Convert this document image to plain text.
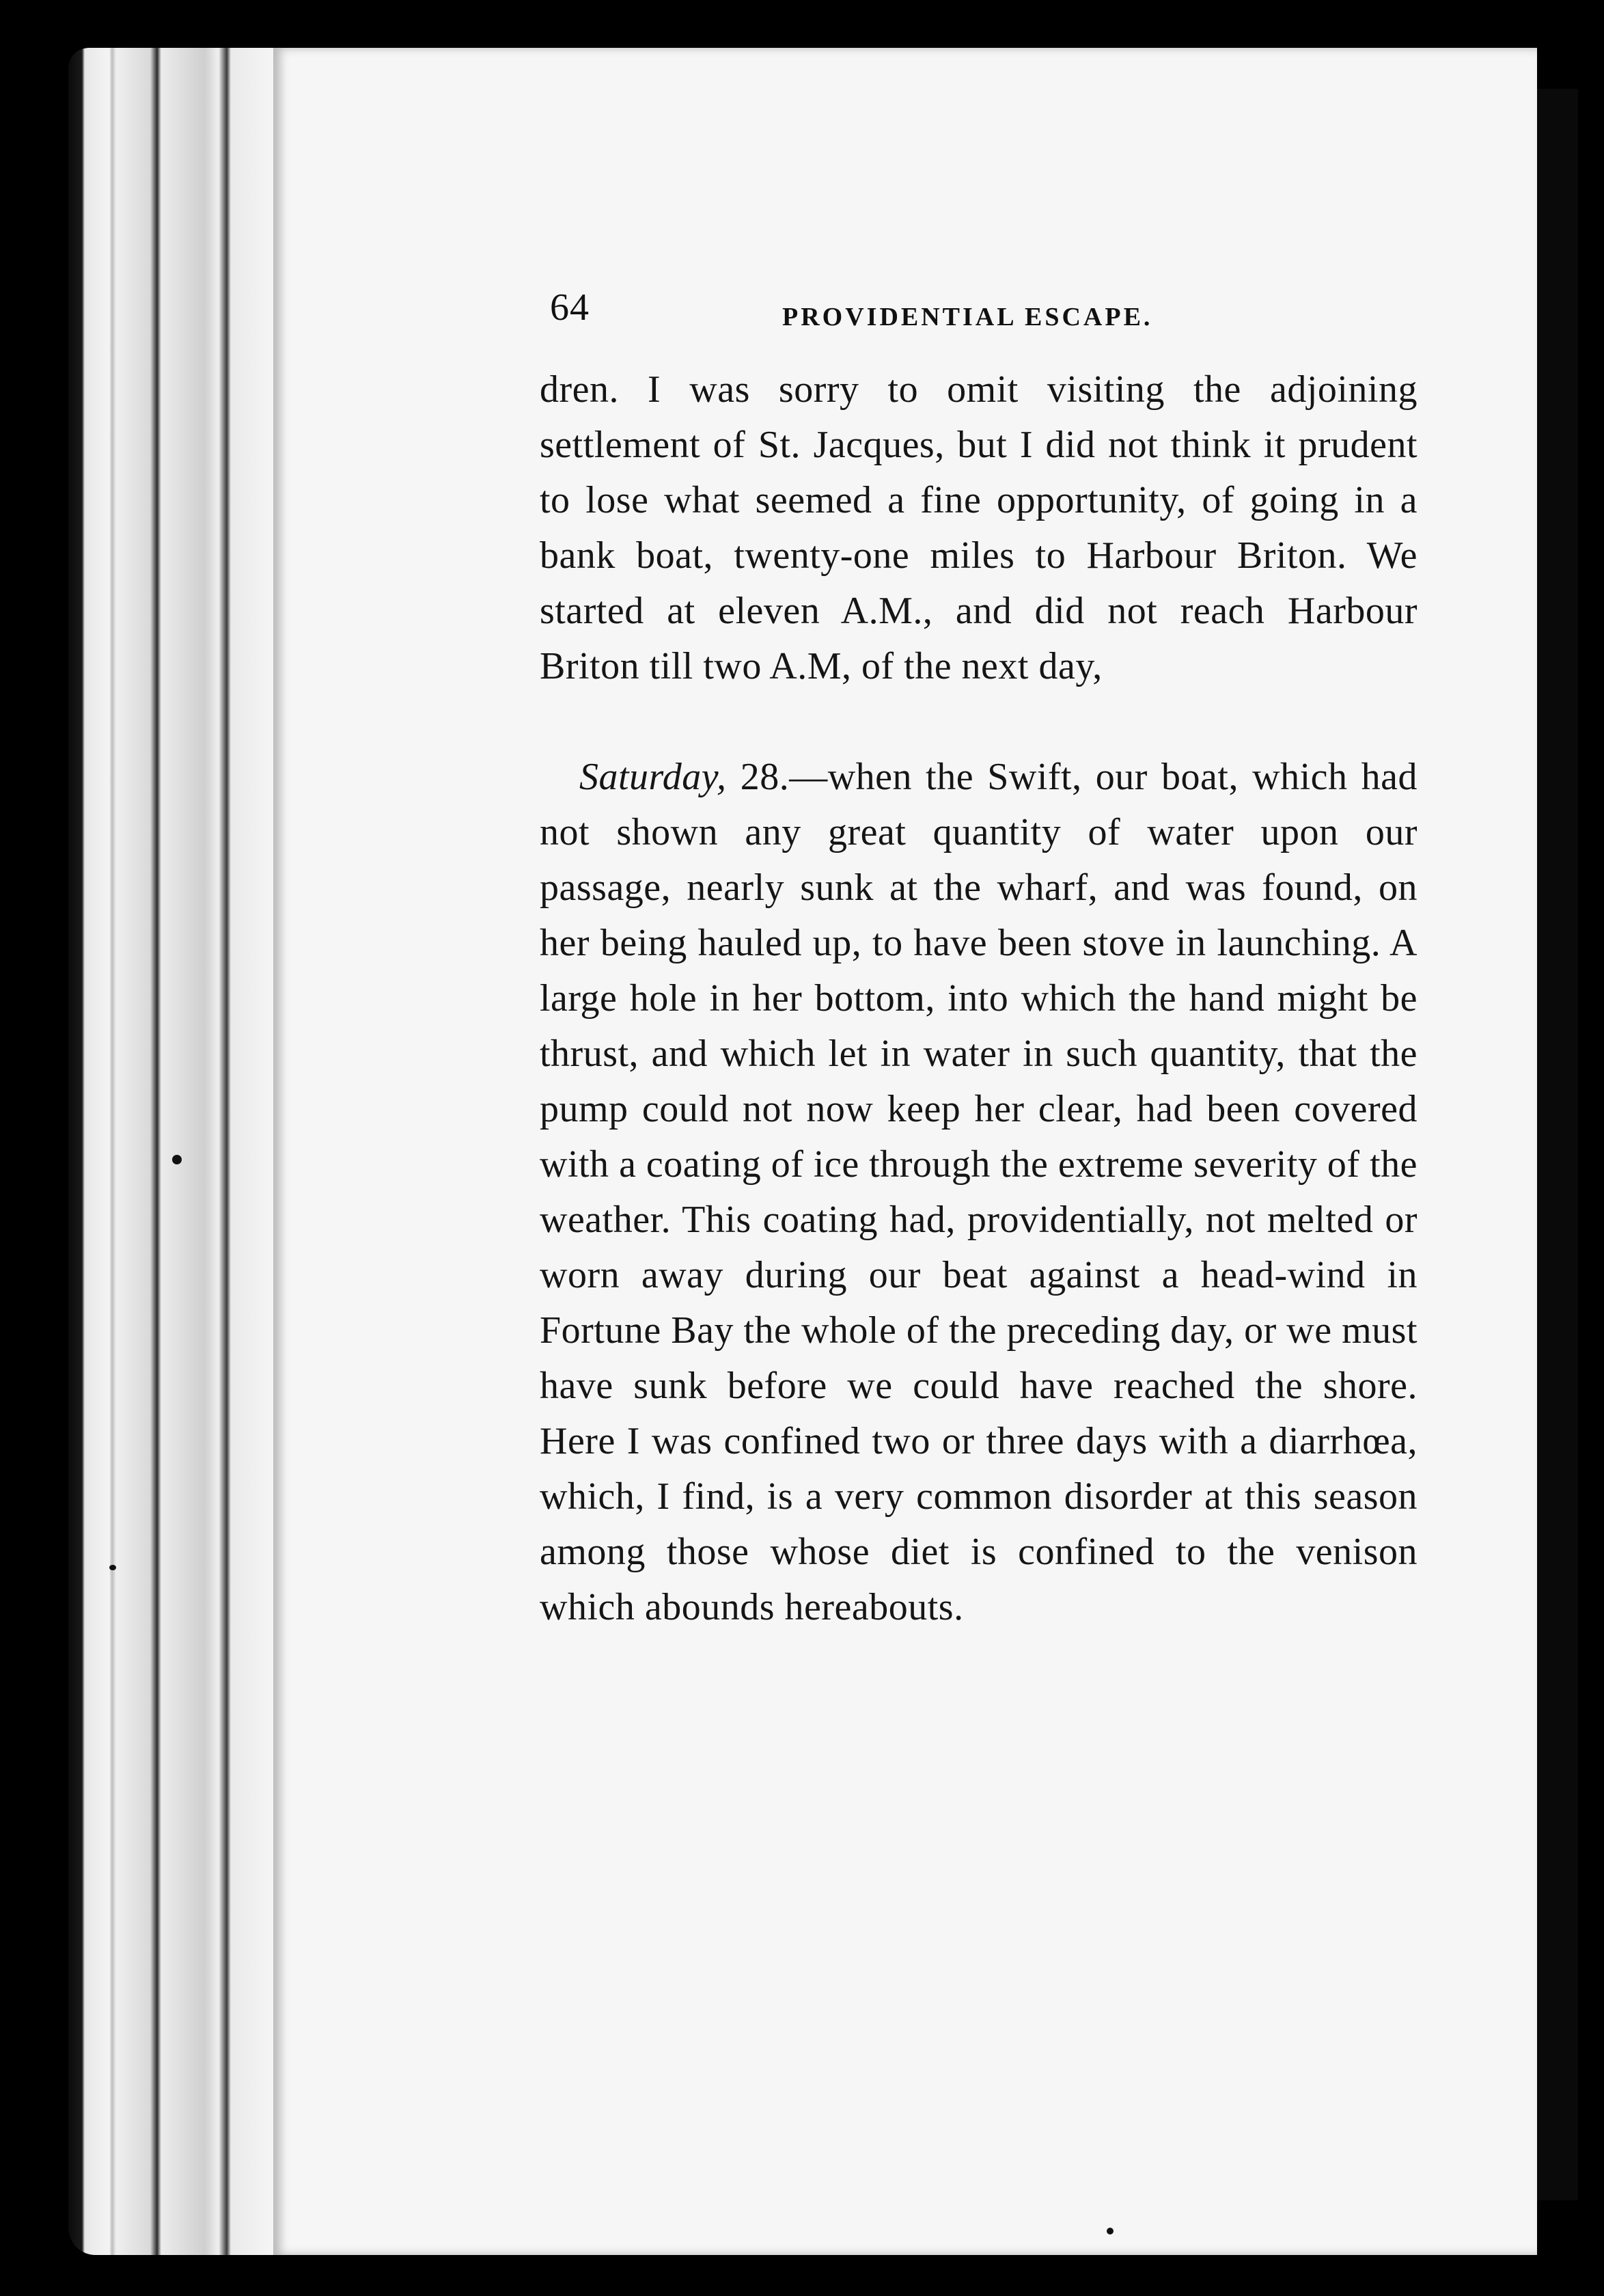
64	PROVIDENTIAL ESCAPE.

dren. I was sorry to omit visiting the adjoining settlement of St. Jacques, but I did not think it prudent to lose what seemed a fine opportunity, of going in a bank boat, twenty-one miles to Harbour Briton. We started at eleven A.M., and did not reach Harbour Briton till two A.M, of the next day,

Saturday, 28.—when the Swift, our boat, which had not shown any great quantity of water upon our passage, nearly sunk at the wharf, and was found, on her being hauled up, to have been stove in launching. A large hole in her bottom, into which the hand might be thrust, and which let in water in such quantity, that the pump could not now keep her clear, had been covered with a coating of ice through the extreme severity of the weather. This coating had, providentially, not melted or worn away during our beat against a head-wind in Fortune Bay the whole of the preceding day, or we must have sunk before we could have reached the shore. Here I was confined two or three days with a diarrhœa, which, I find, is a very common disorder at this season among those whose diet is confined to the venison which abounds hereabouts.
